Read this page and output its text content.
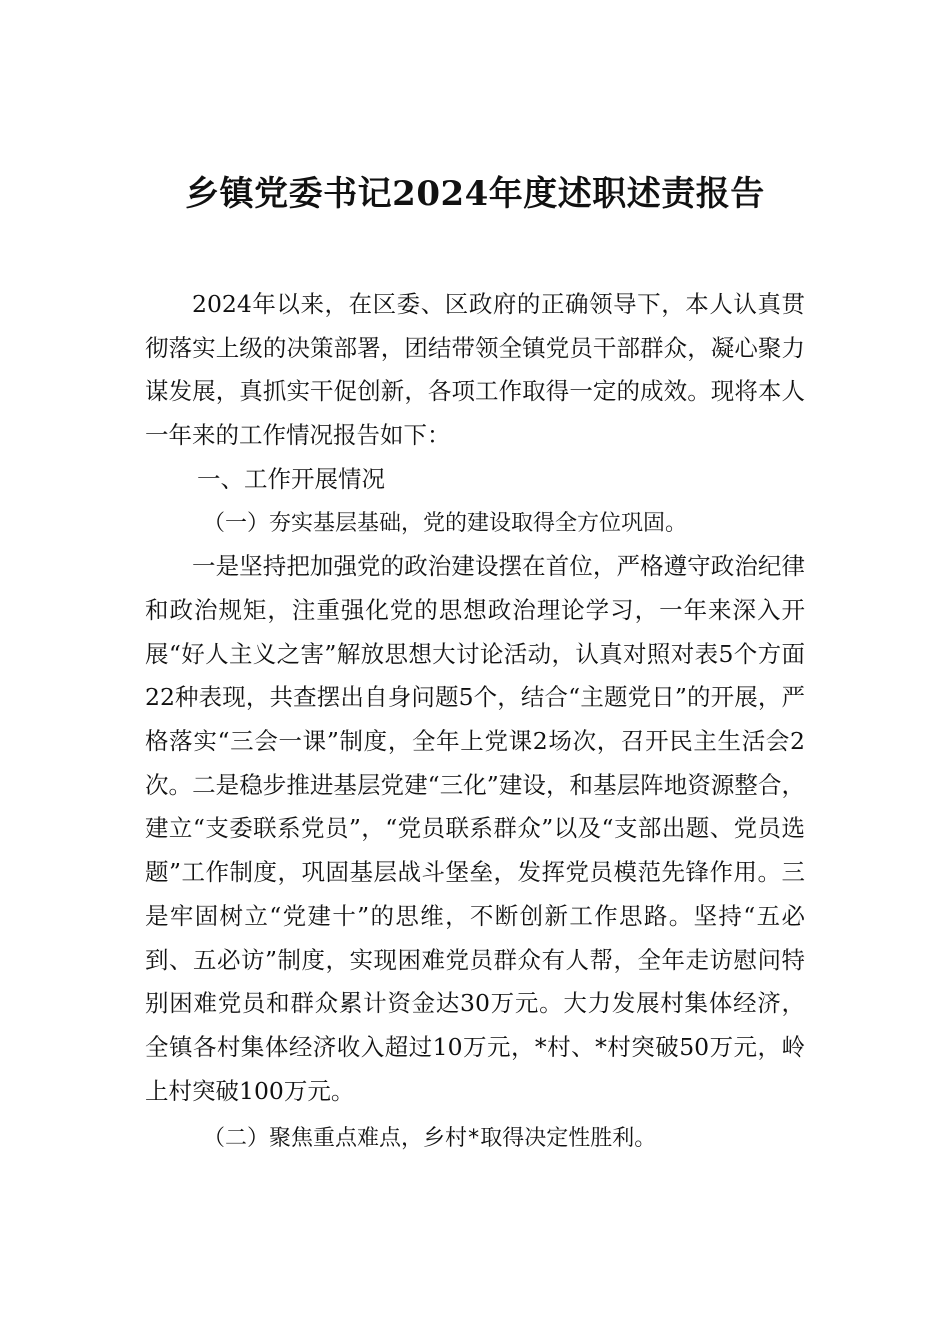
乡镇党委书记2024年度述职述责报告

2024年以来，在区委、区政府的正确领导下，本人认真贯彻落实上级的决策部署，团结带领全镇党员干部群众，凝心聚力谋发展，真抓实干促创新，各项工作取得一定的成效。现将本人一年来的工作情况报告如下：

一、工作开展情况
（一）夯实基层基础，党的建设取得全方位巩固。

一是坚持把加强党的政治建设摆在首位，严格遵守政治纪律和政治规矩，注重强化党的思想政治理论学习，一年来深入开展“好人主义之害”解放思想大讨论活动，认真对照对表5个方面22种表现，共查摆出自身问题5个，结合“主题党日”的开展，严格落实“三会一课”制度，全年上党课2场次，召开民主生活会2次。二是稳步推进基层党建“三化”建设，和基层阵地资源整合，建立“支委联系党员”，“党员联系群众”以及“支部出题、党员选题”工作制度，巩固基层战斗堡垒，发挥党员模范先锋作用。三是牢固树立“党建十”的思维，不断创新工作思路。坚持“五必到、五必访”制度，实现困难党员群众有人帮，全年走访慰问特别困难党员和群众累计资金达30万元。大力发展村集体经济，全镇各村集体经济收入超过10万元，*村、*村突破50万元，岭上村突破100万元。

（二）聚焦重点难点，乡村*取得决定性胜利。
